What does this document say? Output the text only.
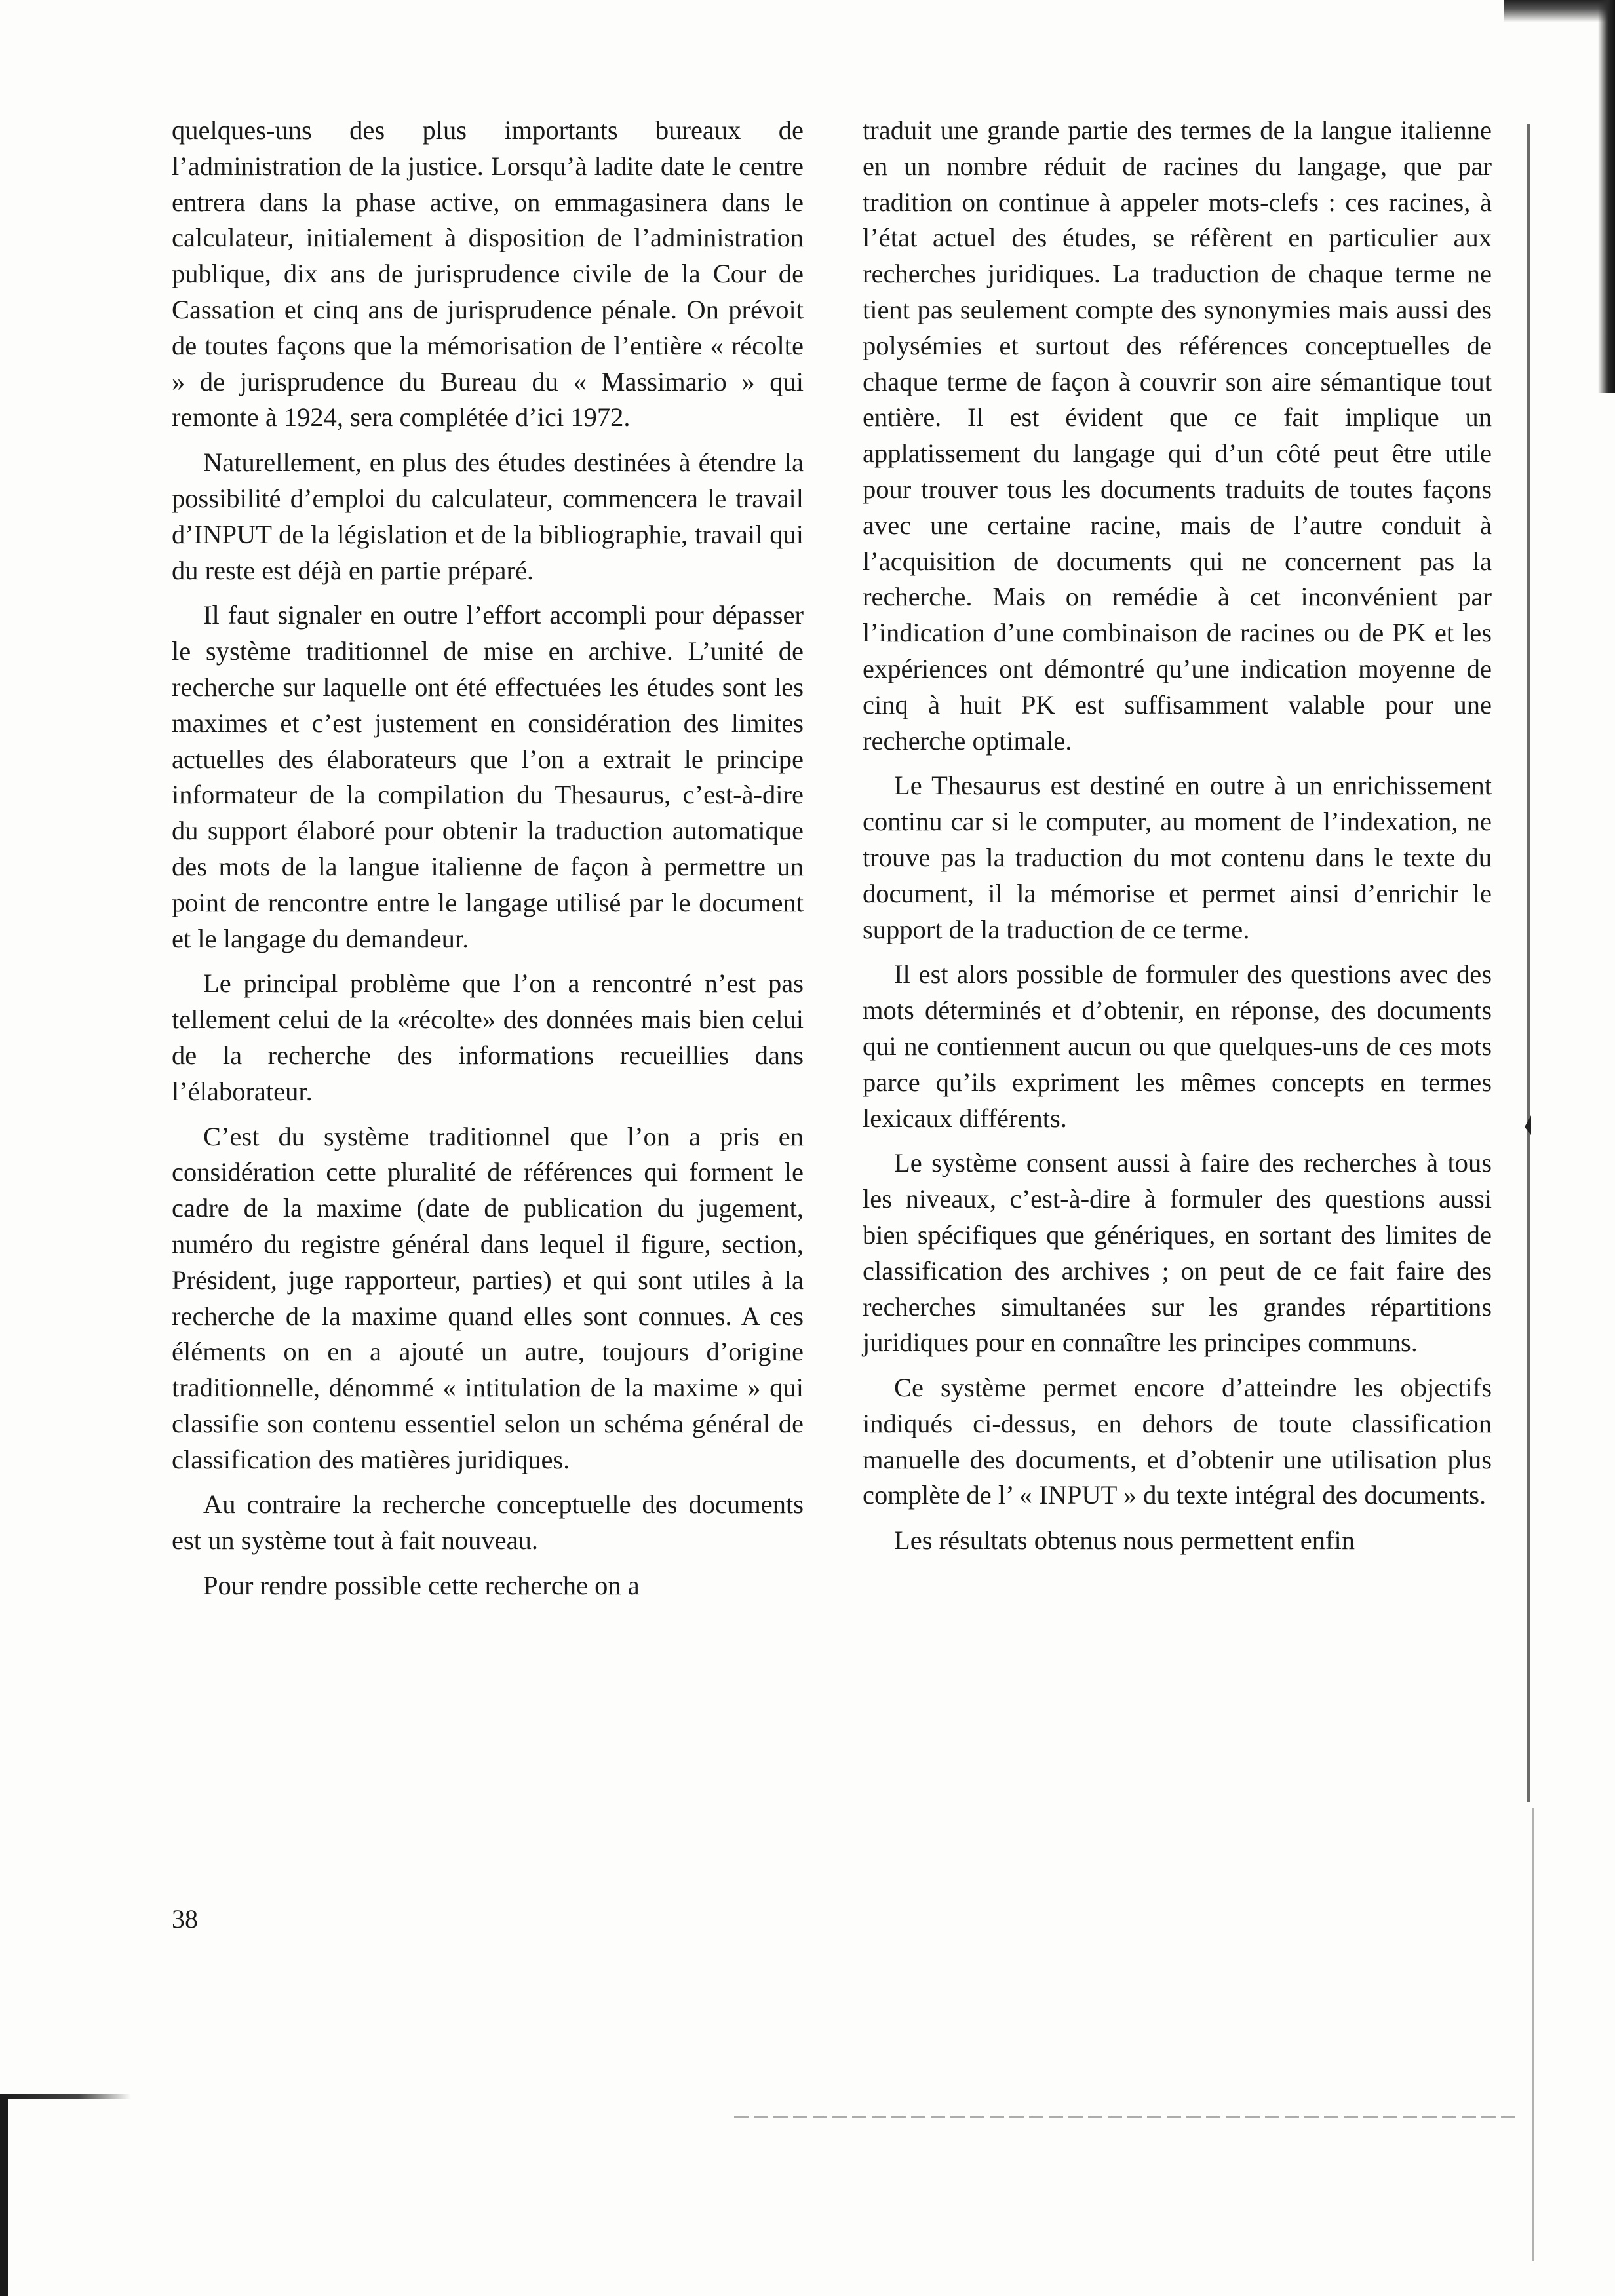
quelques-uns des plus importants bureaux de l’administration de la justice. Lorsqu’à ladite date le centre entrera dans la phase active, on emmagasinera dans le calculateur, initialement à disposition de l’administration publique, dix ans de jurisprudence civile de la Cour de Cassation et cinq ans de jurisprudence pénale. On prévoit de toutes façons que la mémorisation de l’entière « récolte » de jurisprudence du Bureau du « Massimario » qui remonte à 1924, sera complétée d’ici 1972.

Naturellement, en plus des études destinées à étendre la possibilité d’emploi du calculateur, commencera le travail d’INPUT de la législation et de la bibliographie, travail qui du reste est déjà en partie préparé.

Il faut signaler en outre l’effort accompli pour dépasser le système traditionnel de mise en archive. L’unité de recherche sur laquelle ont été effectuées les études sont les maximes et c’est justement en considération des limites actuelles des élaborateurs que l’on a extrait le principe informateur de la compilation du Thesaurus, c’est-à-dire du support élaboré pour obtenir la traduction automatique des mots de la langue italienne de façon à permettre un point de rencontre entre le langage utilisé par le document et le langage du demandeur.

Le principal problème que l’on a rencontré n’est pas tellement celui de la «récolte» des données mais bien celui de la recherche des informations recueillies dans l’élaborateur.

C’est du système traditionnel que l’on a pris en considération cette pluralité de références qui forment le cadre de la maxime (date de publication du jugement, numéro du registre général dans lequel il figure, section, Président, juge rapporteur, parties) et qui sont utiles à la recherche de la maxime quand elles sont connues. A ces éléments on en a ajouté un autre, toujours d’origine traditionnelle, dénommé « intitulation de la maxime » qui classifie son contenu essentiel selon un schéma général de classification des matières juridiques.

Au contraire la recherche conceptuelle des documents est un système tout à fait nouveau.

Pour rendre possible cette recherche on a

traduit une grande partie des termes de la langue italienne en un nombre réduit de racines du langage, que par tradition on continue à appeler mots-clefs : ces racines, à l’état actuel des études, se réfèrent en particulier aux recherches juridiques. La traduction de chaque terme ne tient pas seulement compte des synonymies mais aussi des polysémies et surtout des références conceptuelles de chaque terme de façon à couvrir son aire sémantique tout entière. Il est évident que ce fait implique un applatissement du langage qui d’un côté peut être utile pour trouver tous les documents traduits de toutes façons avec une certaine racine, mais de l’autre conduit à l’acquisition de documents qui ne concernent pas la recherche. Mais on remédie à cet inconvénient par l’indication d’une combinaison de racines ou de PK et les expériences ont démontré qu’une indication moyenne de cinq à huit PK est suffisamment valable pour une recherche optimale.

Le Thesaurus est destiné en outre à un enrichissement continu car si le computer, au moment de l’indexation, ne trouve pas la traduction du mot contenu dans le texte du document, il la mémorise et permet ainsi d’enrichir le support de la traduction de ce terme.

Il est alors possible de formuler des questions avec des mots déterminés et d’obtenir, en réponse, des documents qui ne contiennent aucun ou que quelques-uns de ces mots parce qu’ils expriment les mêmes concepts en termes lexicaux différents.

Le système consent aussi à faire des recherches à tous les niveaux, c’est-à-dire à formuler des questions aussi bien spécifiques que génériques, en sortant des limites de classification des archives ; on peut de ce fait faire des recherches simultanées sur les grandes répartitions juridiques pour en connaître les principes communs.

Ce système permet encore d’atteindre les objectifs indiqués ci-dessus, en dehors de toute classification manuelle des documents, et d’obtenir une utilisation plus complète de l’ « INPUT » du texte intégral des documents.

Les résultats obtenus nous permettent enfin

38
